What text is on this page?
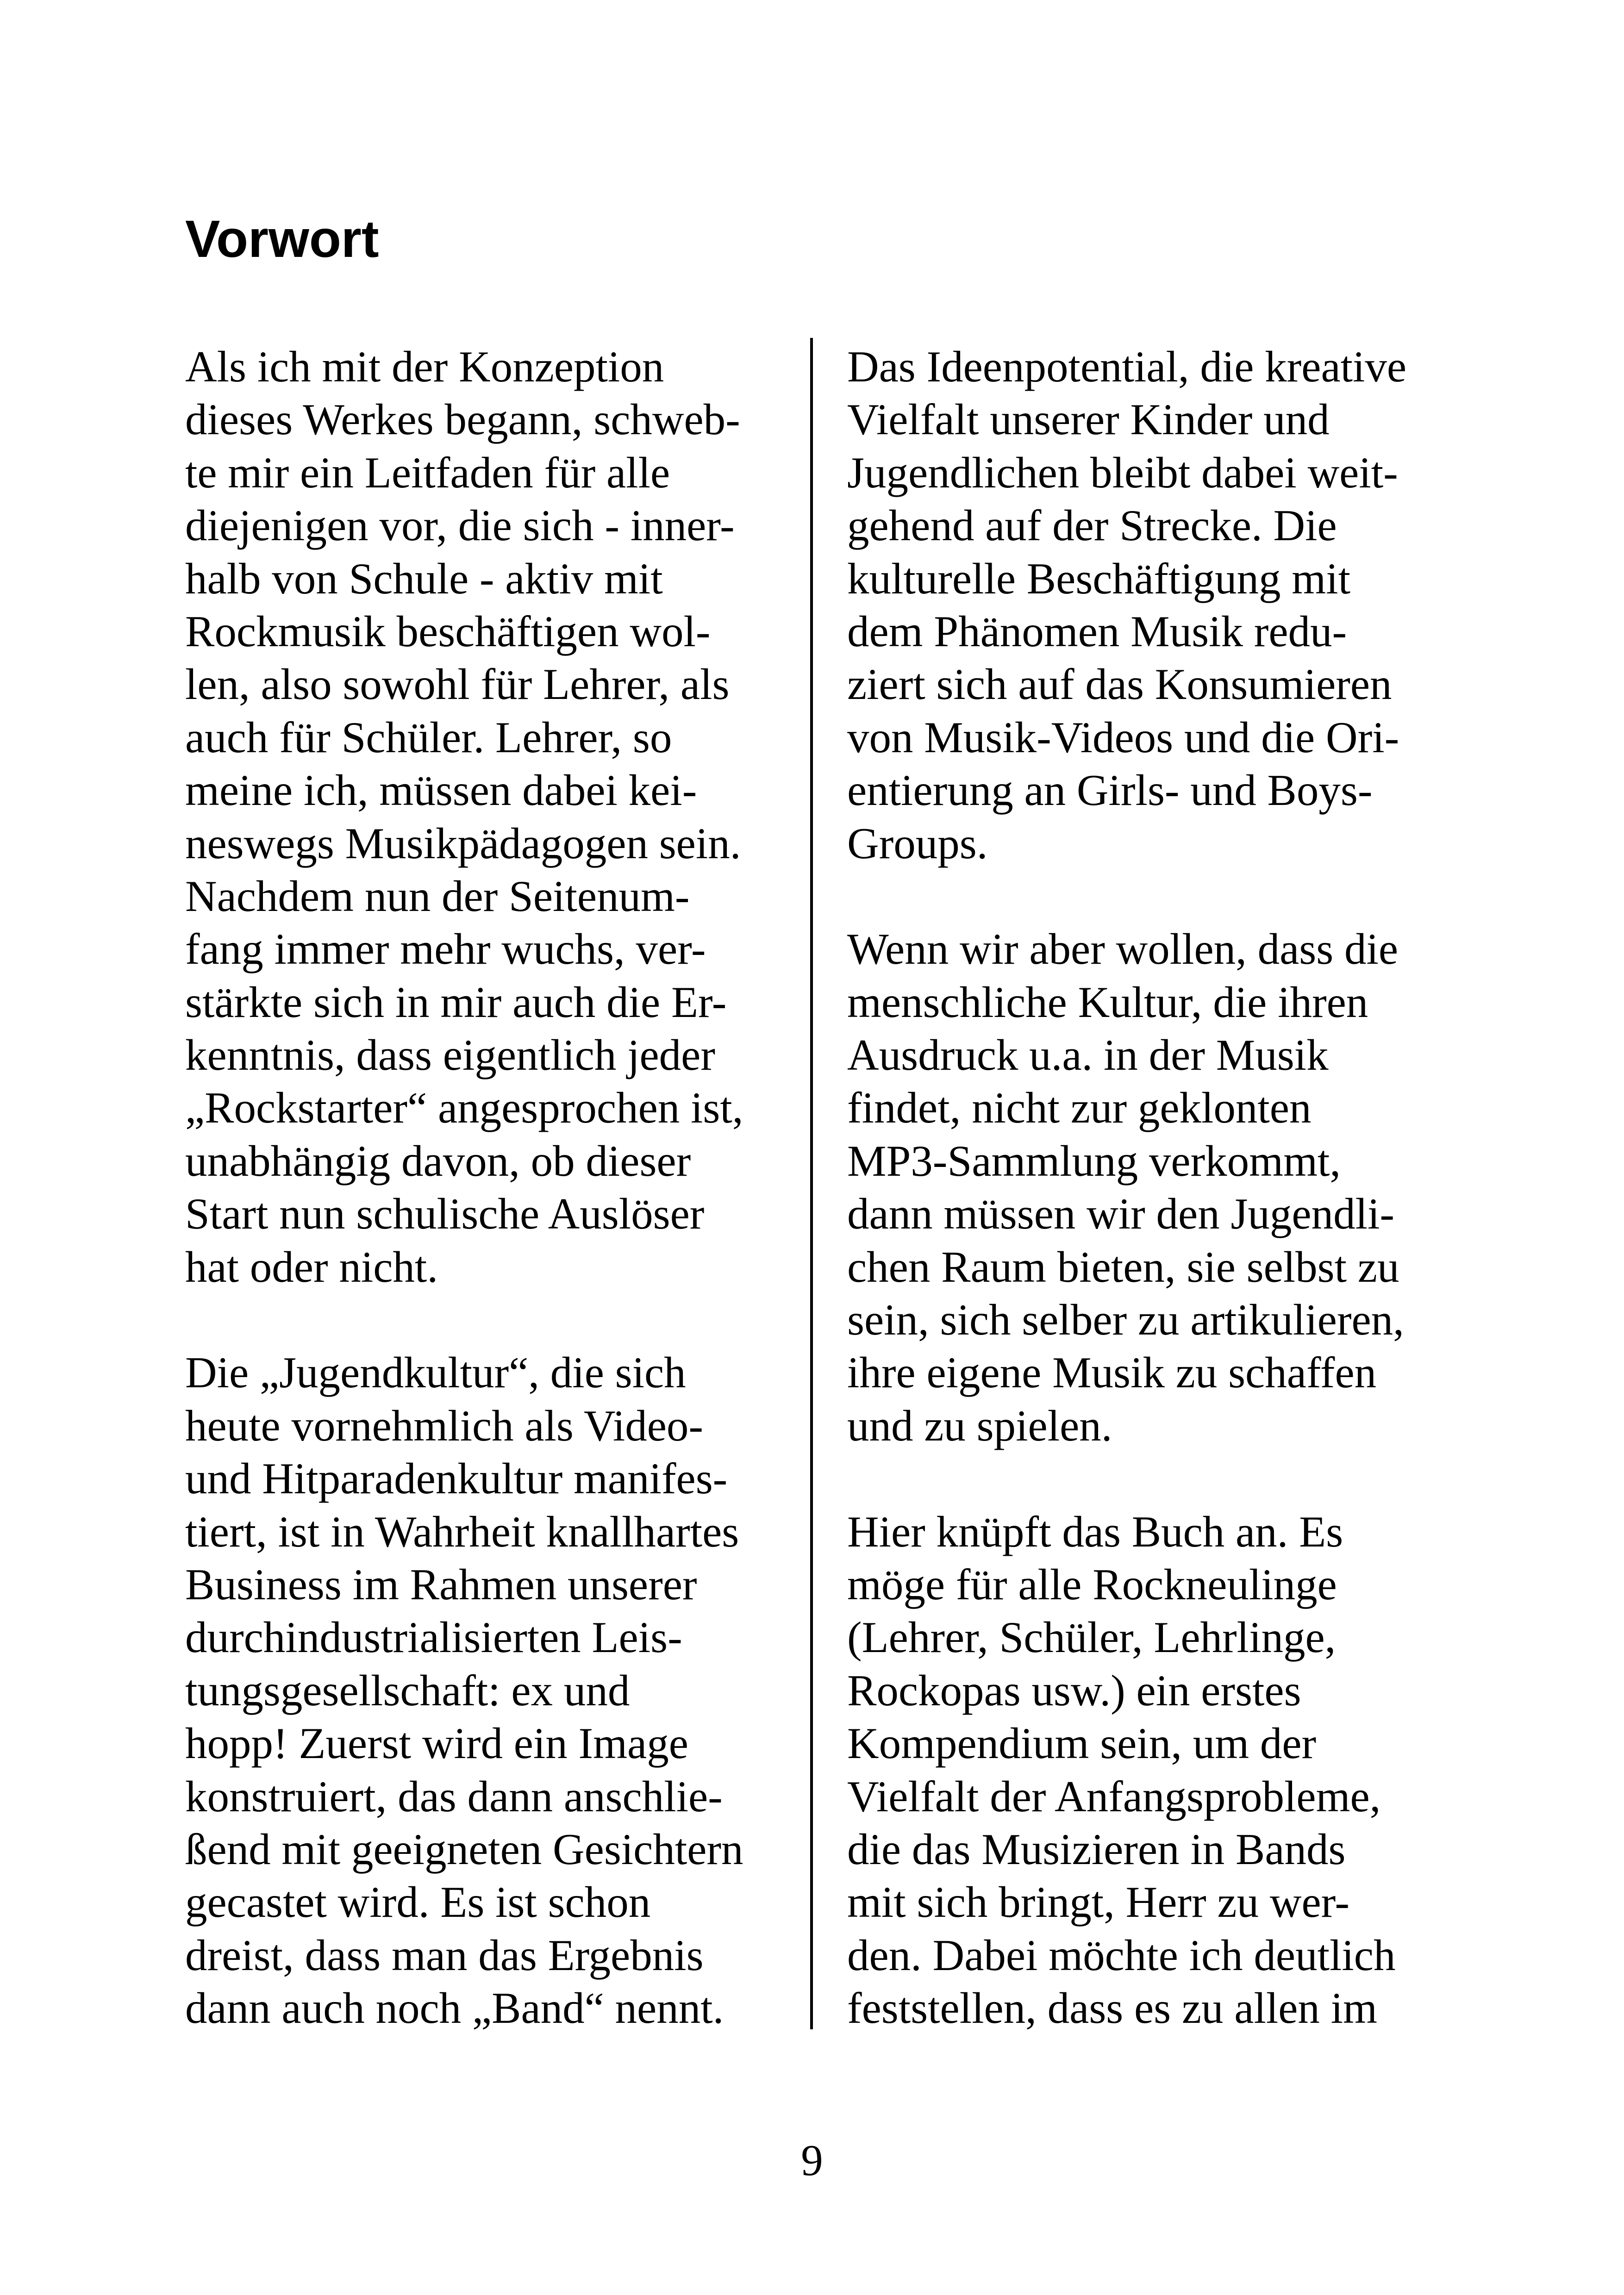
Vorwort
Als ich mit der Konzeption
dieses Werkes begann, schweb-
te mir ein Leitfaden für alle
diejenigen vor, die sich - inner-
halb von Schule - aktiv mit
Rockmusik beschäftigen wol-
len, also sowohl für Lehrer, als
auch für Schüler. Lehrer, so
meine ich, müssen dabei kei-
neswegs Musikpädagogen sein.
Nachdem nun der Seitenum-
fang immer mehr wuchs, ver-
stärkte sich in mir auch die Er-
kenntnis, dass eigentlich jeder
„Rockstarter“ angesprochen ist,
unabhängig davon, ob dieser
Start nun schulische Auslöser
hat oder nicht.
Die „Jugendkultur“, die sich
heute vornehmlich als Video-
und Hitparadenkultur manifes-
tiert, ist in Wahrheit knallhartes
Business im Rahmen unserer
durchindustrialisierten Leis-
tungsgesellschaft: ex und
hopp! Zuerst wird ein Image
konstruiert, das dann anschlie-
ßend mit geeigneten Gesichtern
gecastet wird. Es ist schon
dreist, dass man das Ergebnis
dann auch noch „Band“ nennt.
Das Ideenpotential, die kreative
Vielfalt unserer Kinder und
Jugendlichen bleibt dabei weit-
gehend auf der Strecke. Die
kulturelle Beschäftigung mit
dem Phänomen Musik redu-
ziert sich auf das Konsumieren
von Musik-Videos und die Ori-
entierung an Girls- und Boys-
Groups.
Wenn wir aber wollen, dass die
menschliche Kultur, die ihren
Ausdruck u.a. in der Musik
findet, nicht zur geklonten
MP3-Sammlung verkommt,
dann müssen wir den Jugendli-
chen Raum bieten, sie selbst zu
sein, sich selber zu artikulieren,
ihre eigene Musik zu schaffen
und zu spielen.
Hier knüpft das Buch an. Es
möge für alle Rockneulinge
(Lehrer, Schüler, Lehrlinge,
Rockopas usw.) ein erstes
Kompendium sein, um der
Vielfalt der Anfangsprobleme,
die das Musizieren in Bands
mit sich bringt, Herr zu wer-
den. Dabei möchte ich deutlich
feststellen, dass es zu allen im
9
